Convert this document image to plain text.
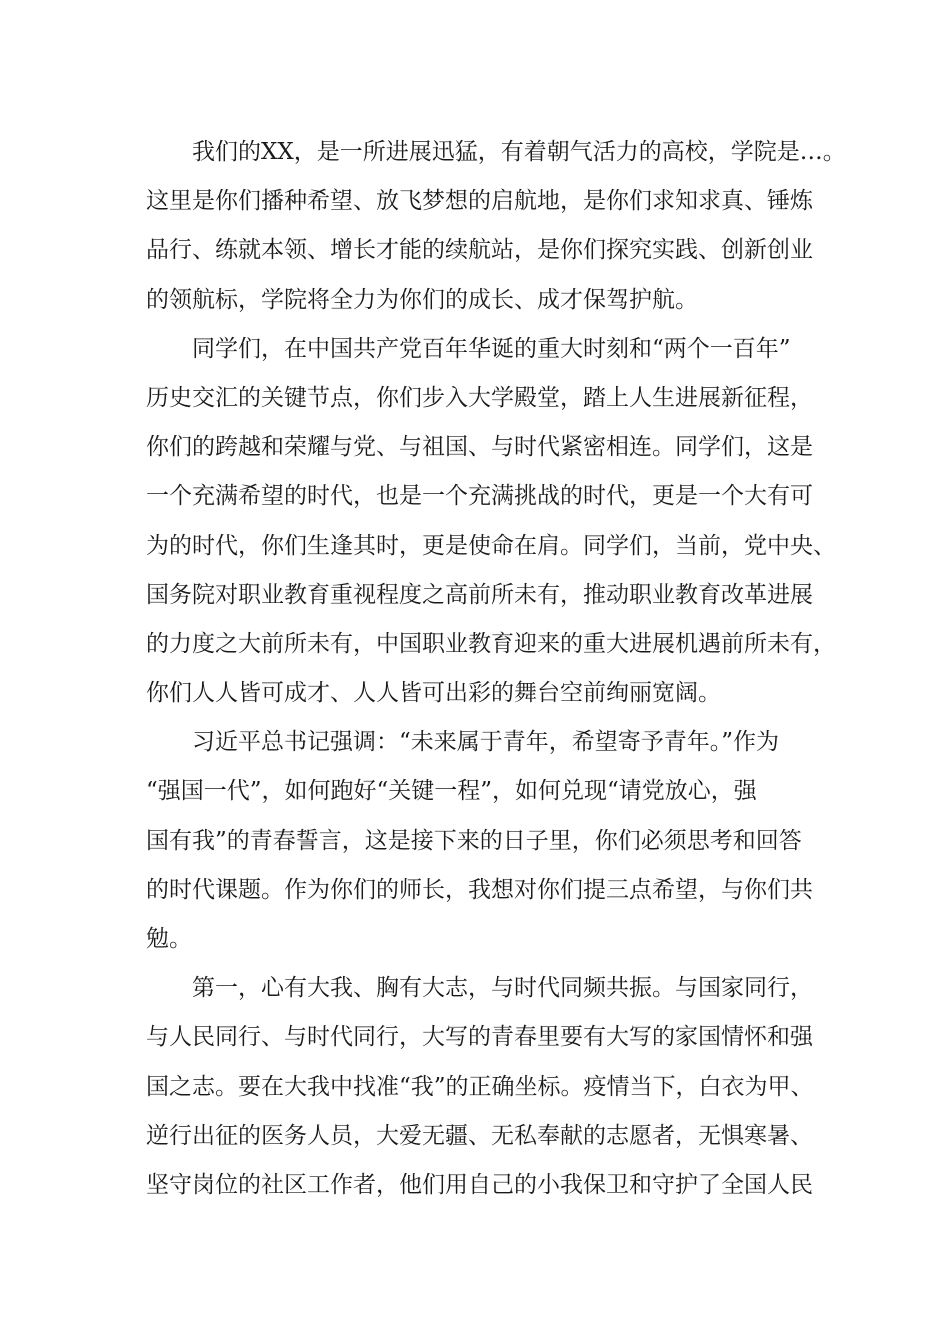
我们的XX，是一所进展迅猛，有着朝气活力的高校，学院是…。
这里是你们播种希望、放飞梦想的启航地，是你们求知求真、锤炼
品行、练就本领、增长才能的续航站，是你们探究实践、创新创业
的领航标，学院将全力为你们的成长、成才保驾护航。
同学们，在中国共产党百年华诞的重大时刻和“两个一百年”
历史交汇的关键节点，你们步入大学殿堂，踏上人生进展新征程，
你们的跨越和荣耀与党、与祖国、与时代紧密相连。同学们，这是
一个充满希望的时代，也是一个充满挑战的时代，更是一个大有可
为的时代，你们生逢其时，更是使命在肩。同学们，当前，党中央、
国务院对职业教育重视程度之高前所未有，推动职业教育改革进展
的力度之大前所未有，中国职业教育迎来的重大进展机遇前所未有，
你们人人皆可成才、人人皆可出彩的舞台空前绚丽宽阔。
习近平总书记强调：“未来属于青年，希望寄予青年。”作为
“强国一代”，如何跑好“关键一程”，如何兑现“请党放心，强
国有我”的青春誓言，这是接下来的日子里，你们必须思考和回答
的时代课题。作为你们的师长，我想对你们提三点希望，与你们共
勉。
第一，心有大我、胸有大志，与时代同频共振。与国家同行，
与人民同行、与时代同行，大写的青春里要有大写的家国情怀和强
国之志。要在大我中找准“我”的正确坐标。疫情当下，白衣为甲、
逆行出征的医务人员，大爱无疆、无私奉献的志愿者，无惧寒暑、
坚守岗位的社区工作者，他们用自己的小我保卫和守护了全国人民
